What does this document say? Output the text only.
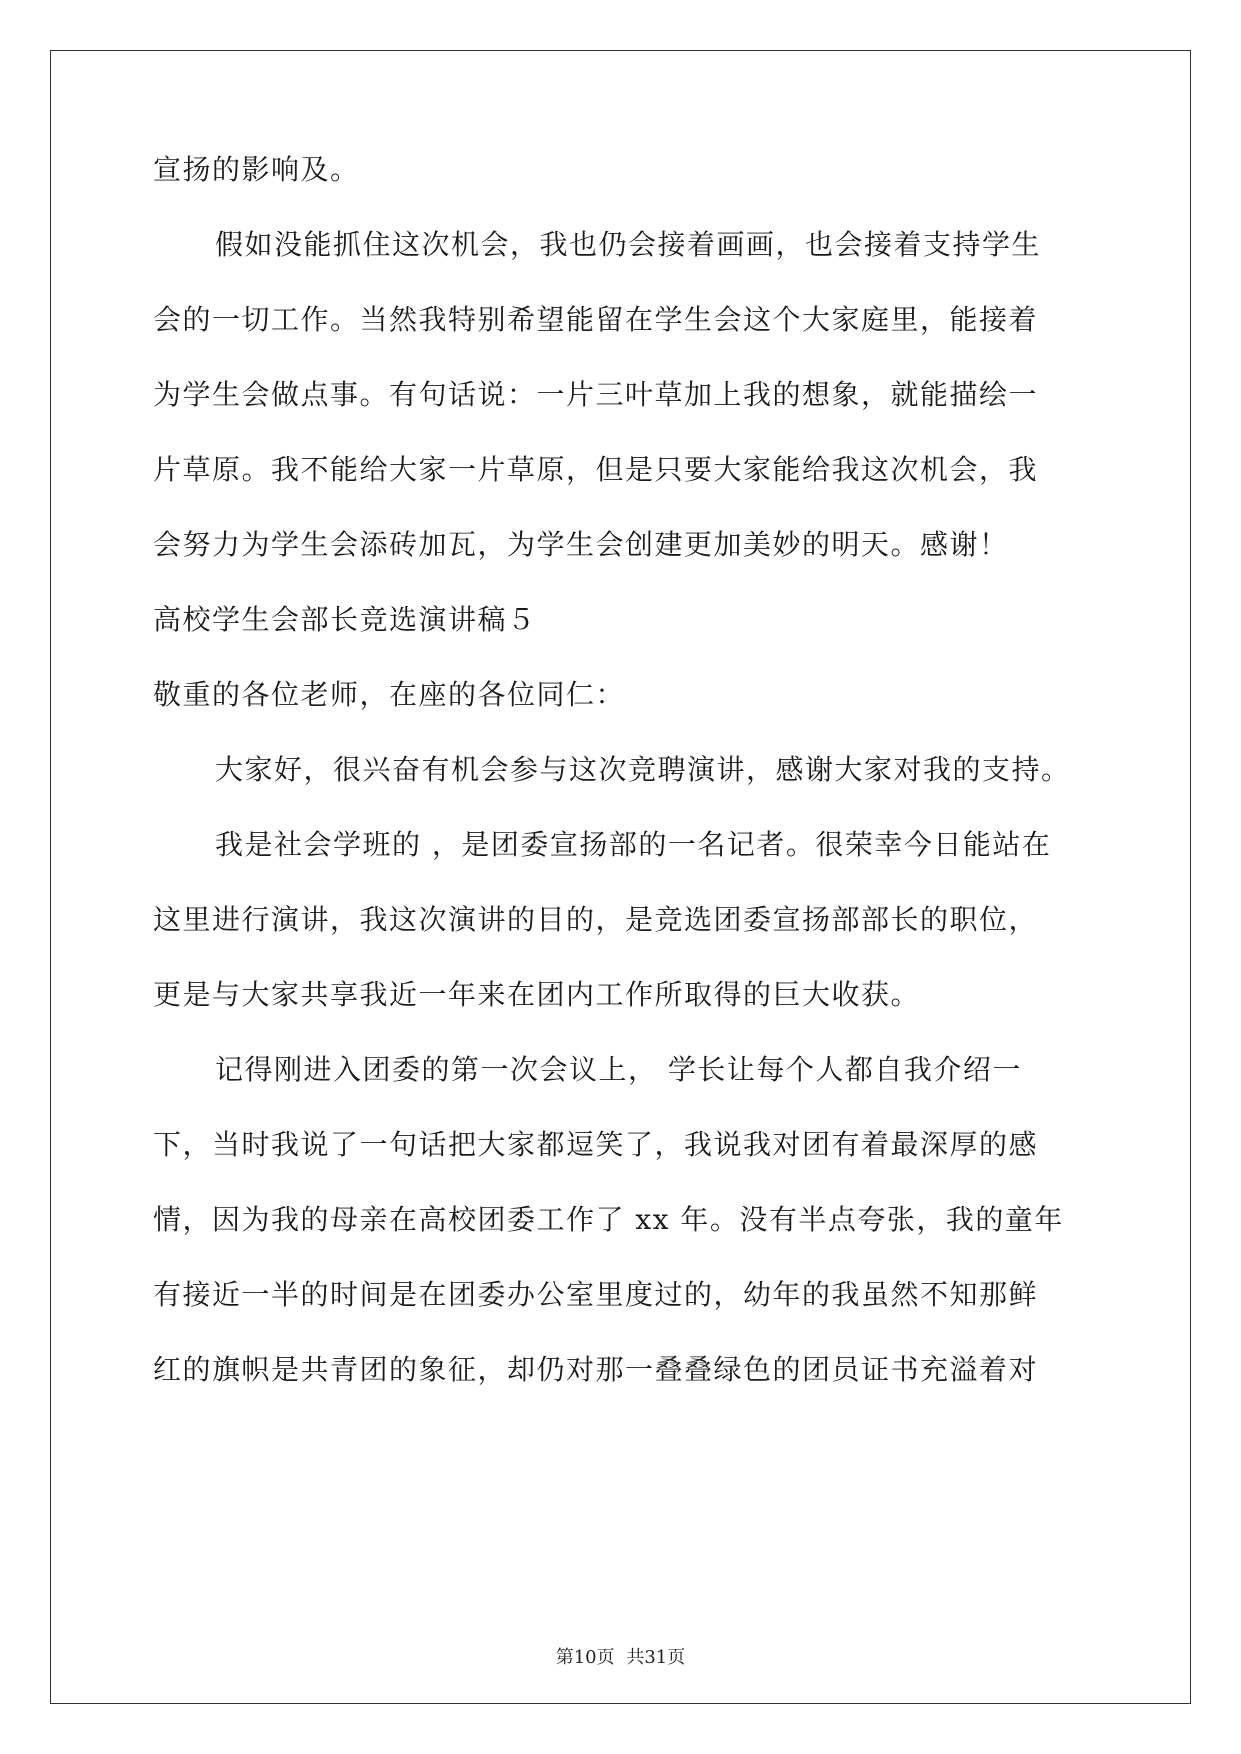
宣扬的影响及。
假如没能抓住这次机会，我也仍会接着画画，也会接着支持学生
会的一切工作。当然我特别希望能留在学生会这个大家庭里，能接着
为学生会做点事。有句话说：一片三叶草加上我的想象，就能描绘一
片草原。我不能给大家一片草原，但是只要大家能给我这次机会，我
会努力为学生会添砖加瓦，为学生会创建更加美妙的明天。感谢！
高校学生会部长竞选演讲稿５
敬重的各位老师，在座的各位同仁：
大家好，很兴奋有机会参与这次竞聘演讲，感谢大家对我的支持。
我是社会学班的 ，是团委宣扬部的一名记者。很荣幸今日能站在
这里进行演讲，我这次演讲的目的，是竞选团委宣扬部部长的职位，
更是与大家共享我近一年来在团内工作所取得的巨大收获。
记得刚进入团委的第一次会议上， 学长让每个人都自我介绍一
下，当时我说了一句话把大家都逗笑了，我说我对团有着最深厚的感
情，因为我的母亲在高校团委工作了 xx 年。没有半点夸张，我的童年
有接近一半的时间是在团委办公室里度过的，幼年的我虽然不知那鲜
红的旗帜是共青团的象征，却仍对那一叠叠绿色的团员证书充溢着对
第10页 共31页
